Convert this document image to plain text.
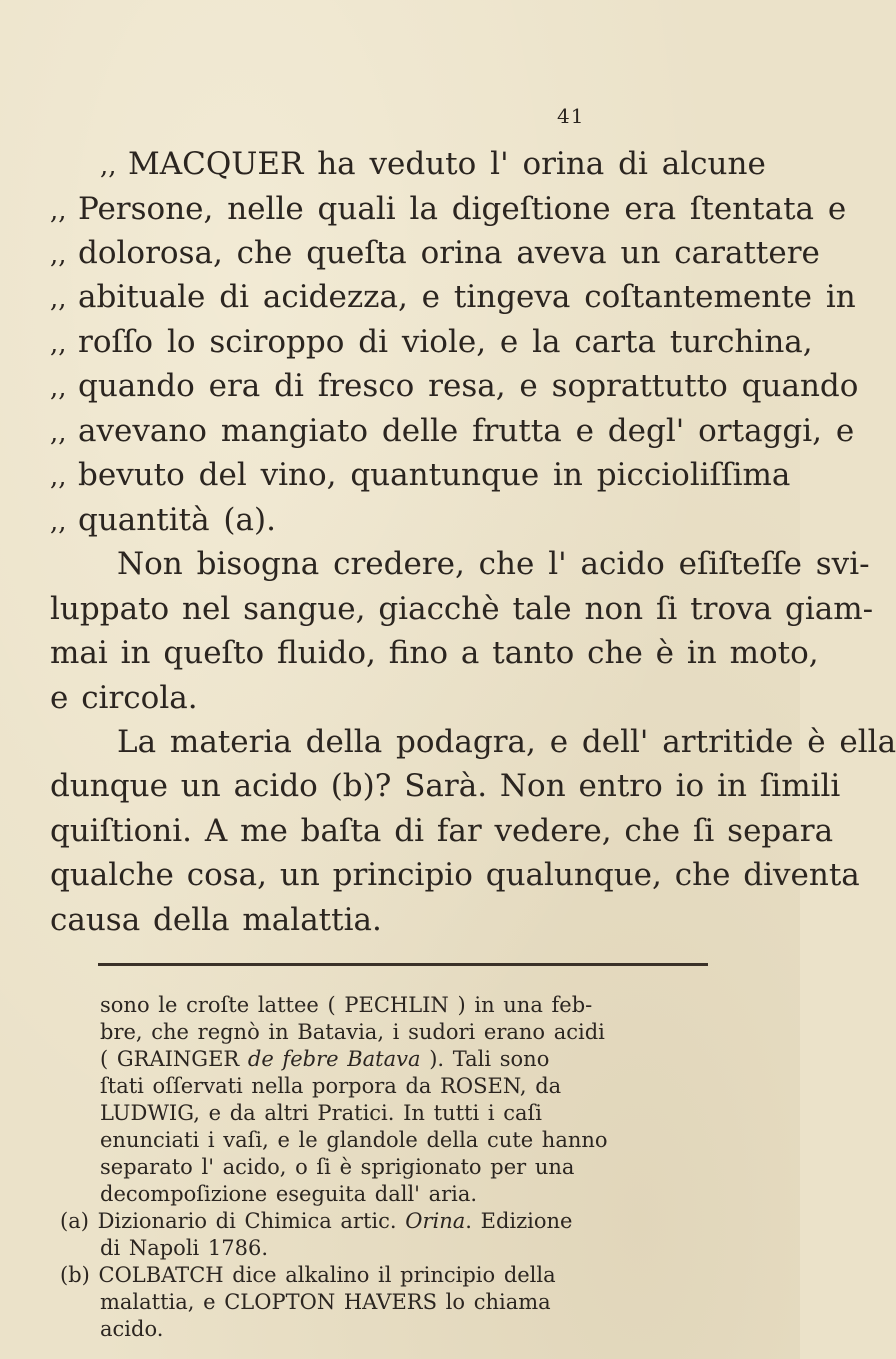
41
,, MACQUER ha veduto l' orina di alcune
,, Persone, nelle quali la digeſtione era ſtentata e
,, dolorosa, che queſta orina aveva un carattere
,, abituale di acidezza, e tingeva coſtantemente in
,, roſſo lo sciroppo di viole, e la carta turchina,
,, quando era di fresco resa, e soprattutto quando
,, avevano mangiato delle frutta e degl' ortaggi, e
,, bevuto del vino, quantunque in piccioliſſima
,, quantità (a).
Non bisogna credere, che l' acido eſiſteſſe svi-
luppato nel sangue, giacchè tale non ſi trova giam-
mai in queſto fluido, fino a tanto che è in moto,
e circola.
La materia della podagra, e dell' artritide è ella
dunque un acido (b)? Sarà. Non entro io in ſimili
quiſtioni. A me baſta di far vedere, che ſi separa
qualche cosa, un principio qualunque, che diventa
causa della malattia.
sono le croſte lattee ( PECHLIN ) in una feb-
bre, che regnò in Batavia, i sudori erano acidi
( GRAINGER de febre Batava ). Tali sono
ſtati oſſervati nella porpora da ROSEN, da
LUDWIG, e da altri Pratici. In tutti i caſi
enunciati i vaſi, e le glandole della cute hanno
separato l' acido, o ſi è sprigionato per una
decompoſizione eseguita dall' aria.
(a) Dizionario di Chimica artic. Orina. Edizione
di Napoli 1786.
(b) COLBATCH dice alkalino il principio della
malattia, e CLOPTON HAVERS lo chiama
acido.
